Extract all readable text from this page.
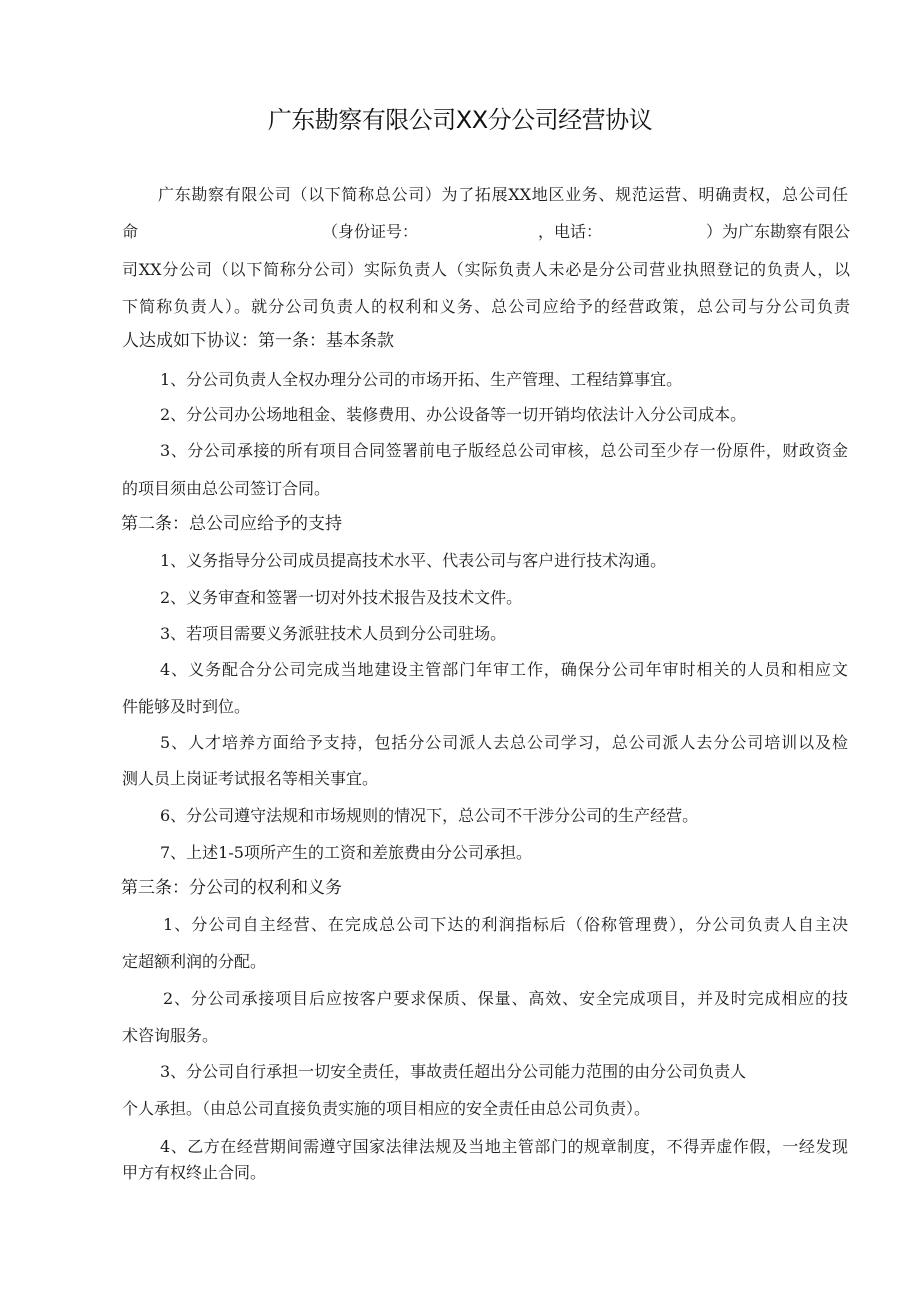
广东勘察有限公司XX分公司经营协议
广东勘察有限公司（以下简称总公司）为了拓展XX地区业务、规范运营、明确责权，总公司任
命　　　　　　　　　　　　（身份证号：　　　　　　　　，电话：　　　　　　　）为广东勘察有限公
司XX分公司（以下简称分公司）实际负责人（实际负责人未必是分公司营业执照登记的负责人，以
下简称负责人）。就分公司负责人的权利和义务、总公司应给予的经营政策，总公司与分公司负责
人达成如下协议：第一条：基本条款
1、分公司负责人全权办理分公司的市场开拓、生产管理、工程结算事宜。
2、分公司办公场地租金、装修费用、办公设备等一切开销均依法计入分公司成本。
3、分公司承接的所有项目合同签署前电子版经总公司审核，总公司至少存一份原件，财政资金
的项目须由总公司签订合同。
第二条：总公司应给予的支持
1、义务指导分公司成员提高技术水平、代表公司与客户进行技术沟通。
2、义务审查和签署一切对外技术报告及技术文件。
3、若项目需要义务派驻技术人员到分公司驻场。
4、义务配合分公司完成当地建设主管部门年审工作，确保分公司年审时相关的人员和相应文
件能够及时到位。
5、人才培养方面给予支持，包括分公司派人去总公司学习，总公司派人去分公司培训以及检
测人员上岗证考试报名等相关事宜。
6、分公司遵守法规和市场规则的情况下，总公司不干涉分公司的生产经营。
7、上述1-5项所产生的工资和差旅费由分公司承担。
第三条：分公司的权利和义务
1、分公司自主经营、在完成总公司下达的利润指标后（俗称管理费），分公司负责人自主决
定超额利润的分配。
2、分公司承接项目后应按客户要求保质、保量、高效、安全完成项目，并及时完成相应的技
术咨询服务。
3、分公司自行承担一切安全责任，事故责任超出分公司能力范围的由分公司负责人
个人承担。（由总公司直接负责实施的项目相应的安全责任由总公司负责）。
4、乙方在经营期间需遵守国家法律法规及当地主管部门的规章制度，不得弄虚作假，一经发现
甲方有权终止合同。
